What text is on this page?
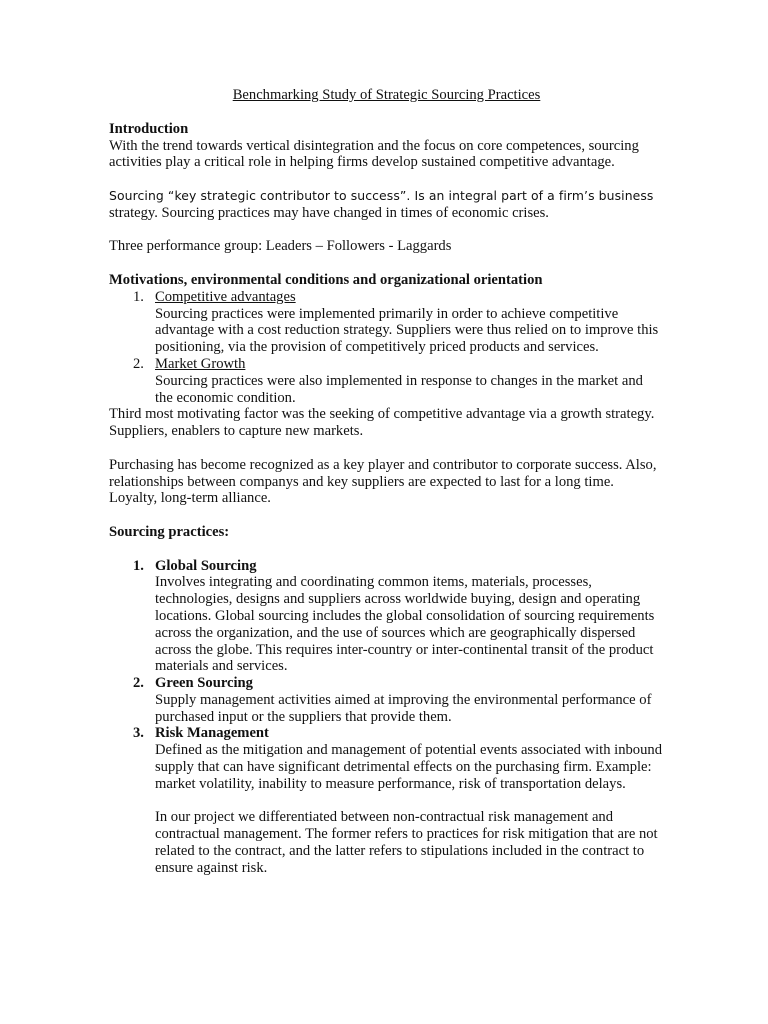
Benchmarking Study of Strategic Sourcing Practices

Introduction

With the trend towards vertical disintegration and the focus on core competences, sourcing activities play a critical role in helping firms develop sustained competitive advantage.

Sourcing “key strategic contributor to success”. Is an integral part of a firm’s business

strategy. Sourcing practices may have changed in times of economic crises.

Three performance group: Leaders – Followers - Laggards

Motivations, environmental conditions and organizational orientation

1. Competitive advantages

Sourcing practices were implemented primarily in order to achieve competitive advantage with a cost reduction strategy. Suppliers were thus relied on to improve this positioning, via the provision of competitively priced products and services.

2. Market Growth

Sourcing practices were also implemented in response to changes in the market and the economic condition.

Third most motivating factor was the seeking of competitive advantage via a growth strategy. Suppliers, enablers to capture new markets.

Purchasing has become recognized as a key player and contributor to corporate success. Also, relationships between companys and key suppliers are expected to last for a long time. Loyalty, long-term alliance.

Sourcing practices:

1. Global Sourcing

Involves integrating and coordinating common items, materials, processes, technologies, designs and suppliers across worldwide buying, design and operating locations. Global sourcing includes the global consolidation of sourcing requirements across the organization, and the use of sources which are geographically dispersed across the globe. This requires inter-country or inter-continental transit of the product materials and services.

2. Green Sourcing

Supply management activities aimed at improving the environmental performance of purchased input or the suppliers that provide them.

3. Risk Management

Defined as the mitigation and management of potential events associated with inbound supply that can have significant detrimental effects on the purchasing firm. Example: market volatility, inability to measure performance, risk of transportation delays.

In our project we differentiated between non-contractual risk management and contractual management. The former refers to practices for risk mitigation that are not related to the contract, and the latter refers to stipulations included in the contract to ensure against risk.
